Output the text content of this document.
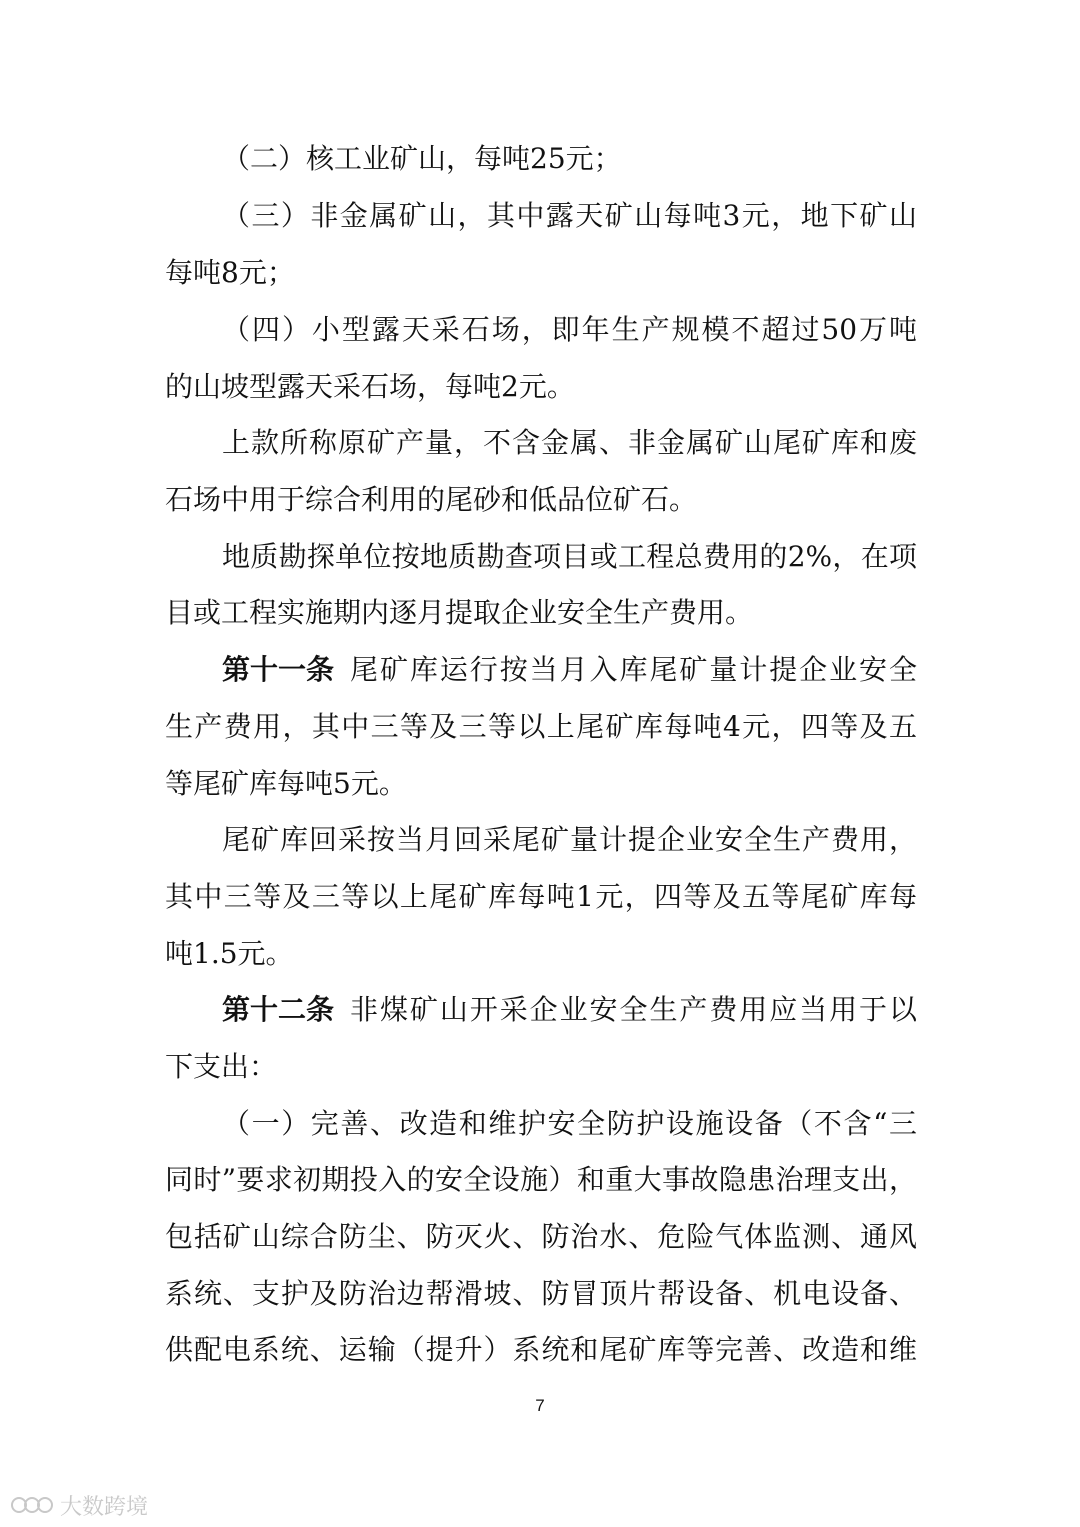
（二）核工业矿山，每吨25元；
（三）非金属矿山，其中露天矿山每吨3元，地下矿山
每吨8元；
（四）小型露天采石场，即年生产规模不超过50万吨
的山坡型露天采石场，每吨2元。
上款所称原矿产量，不含金属、非金属矿山尾矿库和废
石场中用于综合利用的尾砂和低品位矿石。
地质勘探单位按地质勘查项目或工程总费用的2%，在项
目或工程实施期内逐月提取企业安全生产费用。
第十一条 尾矿库运行按当月入库尾矿量计提企业安全
生产费用，其中三等及三等以上尾矿库每吨4元，四等及五
等尾矿库每吨5元。
尾矿库回采按当月回采尾矿量计提企业安全生产费用，
其中三等及三等以上尾矿库每吨1元，四等及五等尾矿库每
吨1.5元。
第十二条 非煤矿山开采企业安全生产费用应当用于以
下支出：
（一）完善、改造和维护安全防护设施设备（不含“三
同时”要求初期投入的安全设施）和重大事故隐患治理支出，
包括矿山综合防尘、防灭火、防治水、危险气体监测、通风
系统、支护及防治边帮滑坡、防冒顶片帮设备、机电设备、
供配电系统、运输（提升）系统和尾矿库等完善、改造和维
7
大数跨境
